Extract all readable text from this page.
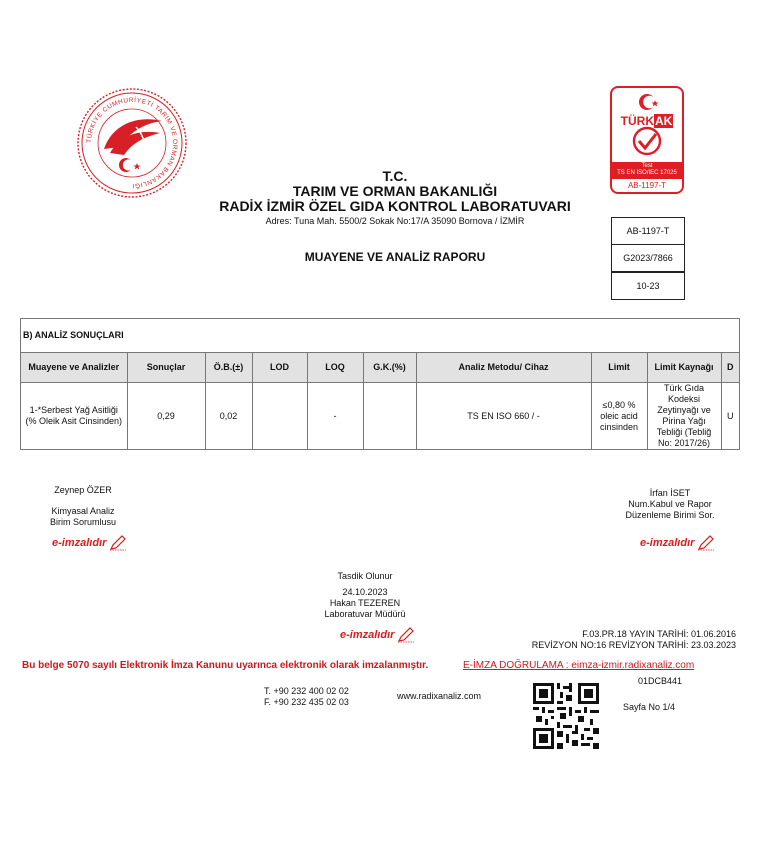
TÜRKİYE CUMHURİYETİ TARIM VE ORMAN BAKANLIĞI
TÜRKAK
Test
TS EN ISO/IEC 17025
AB-1197-T
T.C.
TARIM VE ORMAN BAKANLIĞI
RADİX İZMİR ÖZEL GIDA KONTROL LABORATUVARI
Adres: Tuna Mah. 5500/2 Sokak No:17/A 35090 Bornova / İZMİR
MUAYENE VE ANALİZ RAPORU
AB-1197-T
G2023/7866
10-23
B) ANALİZ SONUÇLARI
Muayene ve Analizler	Sonuçlar	Ö.B.(±)	LOD	LOQ	G.K.(%)	Analiz Metodu/ Cihaz	Limit	Limit Kaynağı	D
1-*Serbest Yağ Asitliği (% Oleik Asit Cinsinden)	0,29	0,02		-		TS EN ISO 660 / -	≤0,80 % oleic acid cinsinden	Türk Gıda Kodeksi Zeytinyağı ve Pirina Yağı Tebliği (Tebliğ No: 2017/26)	U
Zeynep ÖZER
Kimyasal Analiz
Birim Sorumlusu
e-imzalıdır
İrfan İSET
Num.Kabul ve Rapor
Düzenleme Birimi Sor.
e-imzalıdır
Tasdik Olunur
24.10.2023
Hakan TEZEREN
Laboratuvar Müdürü
e-imzalıdır	F.03.PR.18 YAYIN TARİHİ: 01.06.2016
REVİZYON NO:16 REVİZYON TARİHİ: 23.03.2023
Bu belge 5070 sayılı Elektronik İmza Kanunu uyarınca elektronik olarak imzalanmıştır.	E-İMZA DOĞRULAMA : eimza-izmir.radixanaliz.com
01DCB441
T. +90 232 400 02 02
F. +90 232 435 02 03
www.radixanaliz.com
Sayfa No 1/4
